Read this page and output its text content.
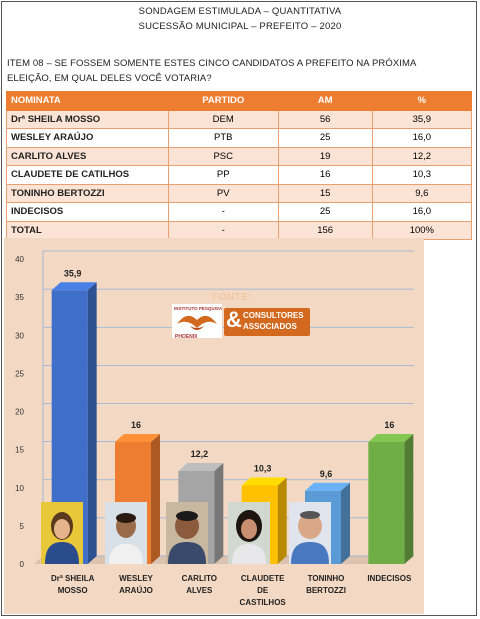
SONDAGEM ESTIMULADA – QUANTITATIVA
SUCESSÃO MUNICIPAL – PREFEITO – 2020
ITEM 08 – SE FOSSEM SOMENTE ESTES CINCO CANDIDATOS A PREFEITO NA PRÓXIMA
ELEIÇÃO, EM QUAL DELES VOCÊ VOTARIA?
NOMINATA	PARTIDO	AM	%
Drª SHEILA MOSSO	DEM	56	35,9
WESLEY ARAÚJO	PTB	25	16,0
CARLITO ALVES	PSC	19	12,2
CLAUDETE DE CATILHOS	PP	16	10,3
TONINHO BERTOZZI	PV	15	9,6
INDECISOS	-	25	16,0
TOTAL	-	156	100%
0
5
10
15
20
25
30
35
40
35,9
Drª SHEILA
MOSSO
16
WESLEY
ARAÚJO
12,2
CARLITO
ALVES
10,3
CLAUDETE
DE
CASTILHOS
9,6
TONINHO
BERTOZZI
16
INDECISOS
FONTE:
INSTITUTO PESQUISA
PHOENIX
& CONSULTORES
ASSOCIADOS
